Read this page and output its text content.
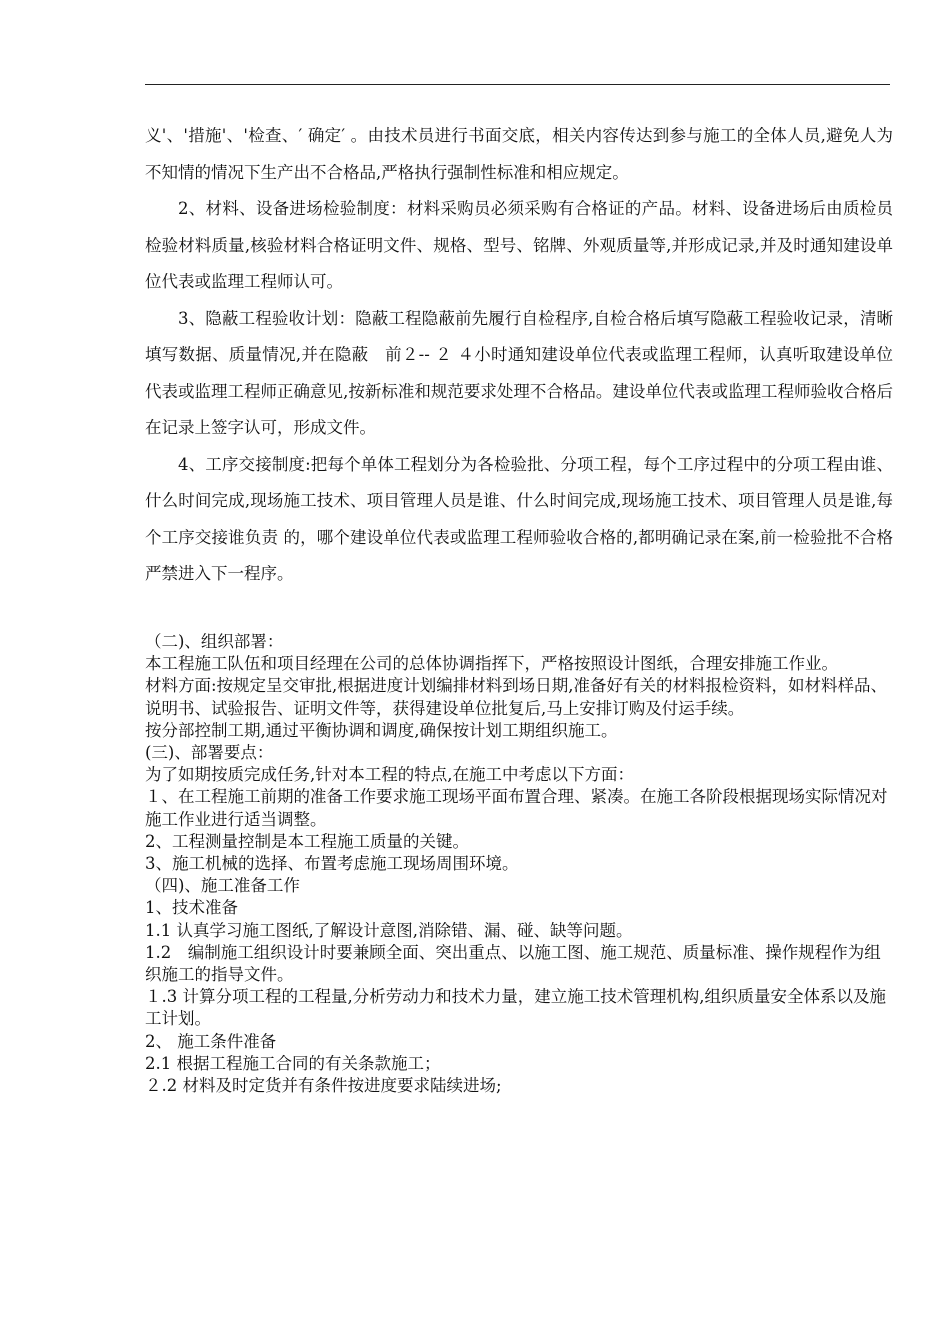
义'、'措施'、'检查、′ 确定′ 。由技术员进行书面交底，相关内容传达到参与施工的全体人员,避免人为不知情的情况下生产出不合格品,严格执行强制性标准和相应规定。

2、材料、设备进场检验制度：材料采购员必须采购有合格证的产品。材料、设备进场后由质检员检验材料质量,核验材料合格证明文件、规格、型号、铭牌、外观质量等,并形成记录,并及时通知建设单位代表或监理工程师认可。

3、隐蔽工程验收计划：隐蔽工程隐蔽前先履行自检程序,自检合格后填写隐蔽工程验收记录，清晰填写数据、质量情况,并在隐蔽　前２-- ２ ４小时通知建设单位代表或监理工程师，认真听取建设单位代表或监理工程师正确意见,按新标准和规范要求处理不合格品。建设单位代表或监理工程师验收合格后在记录上签字认可，形成文件。

4、工序交接制度:把每个单体工程划分为各检验批、分项工程，每个工序过程中的分项工程由谁、什么时间完成,现场施工技术、项目管理人员是谁、什么时间完成,现场施工技术、项目管理人员是谁,每个工序交接谁负责 的，哪个建设单位代表或监理工程师验收合格的,都明确记录在案,前一检验批不合格严禁进入下一程序。

（二)、组织部署：

本工程施工队伍和项目经理在公司的总体协调指挥下，严格按照设计图纸，合理安排施工作业。

材料方面:按规定呈交审批,根据进度计划编排材料到场日期,准备好有关的材料报检资料，如材料样品、说明书、试验报告、证明文件等，获得建设单位批复后,马上安排订购及付运手续。

按分部控制工期,通过平衡协调和调度,确保按计划工期组织施工。

(三)、部署要点：

为了如期按质完成任务,针对本工程的特点,在施工中考虑以下方面：

１、在工程施工前期的准备工作要求施工现场平面布置合理、紧凑。在施工各阶段根据现场实际情况对施工作业进行适当调整。

2、工程测量控制是本工程施工质量的关键。

3、施工机械的选择、布置考虑施工现场周围环境。

（四)、施工准备工作

1、技术准备

1.1 认真学习施工图纸,了解设计意图,消除错、漏、碰、缺等问题。

1.2　编制施工组织设计时要兼顾全面、突出重点、以施工图、施工规范、质量标准、操作规程作为组织施工的指导文件。

１.3 计算分项工程的工程量,分析劳动力和技术力量，建立施工技术管理机构,组织质量安全体系以及施工计划。

2、 施工条件准备

2.1 根据工程施工合同的有关条款施工；

２.2 材料及时定货并有条件按进度要求陆续进场;
